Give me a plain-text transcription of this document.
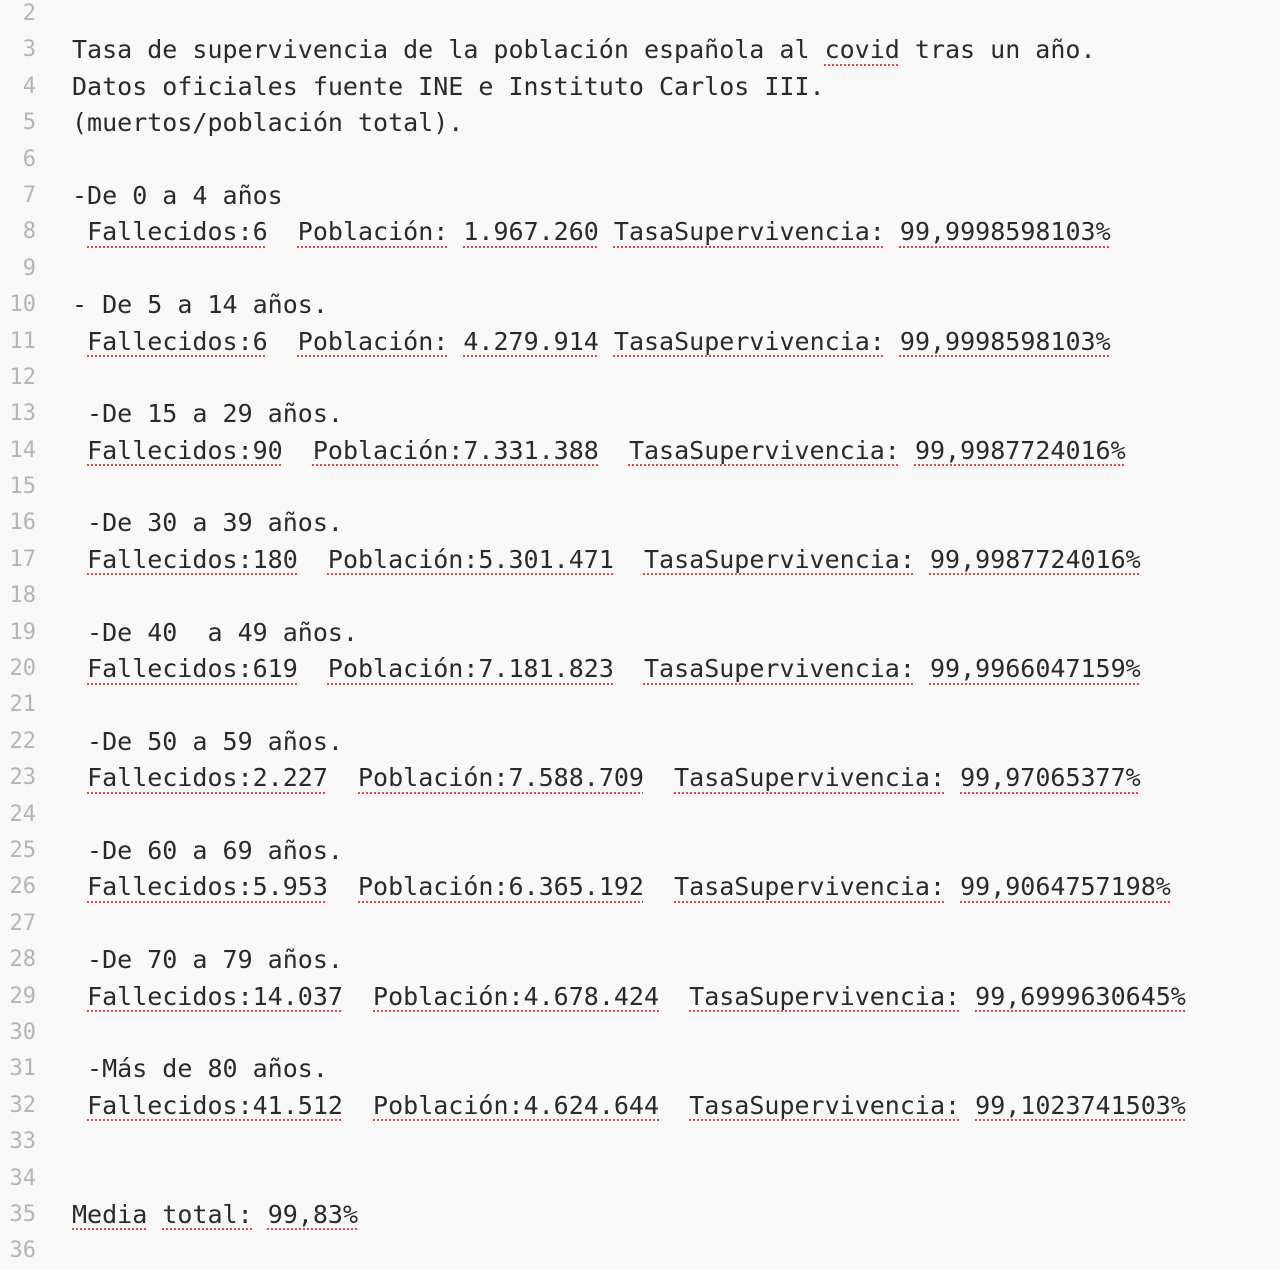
2
3 Tasa de supervivencia de la población española al covid tras un año.
4 Datos oficiales fuente INE e Instituto Carlos III.
5 (muertos/población total).
6
7 -De 0 a 4 años
8	Fallecidos:6 Población: 1.967.260 TasaSupervivencia: 99,9998598103%
9
10 - De 5 a 14 años.
11	Fallecidos:6 Población: 4.279.914 TasaSupervivencia: 99,9998598103%
12
13 -De 15 a 29 años.
14	Fallecidos:90 Población:7.331.388 TasaSupervivencia: 99,9987724016%
15
16 -De 30 a 39 años.
17	Fallecidos:180 Población:5.301.471 TasaSupervivencia: 99,9987724016%
18
19 -De 40  a 49 años.
20	Fallecidos:619 Población:7.181.823 TasaSupervivencia: 99,9966047159%
21
22 -De 50 a 59 años.
23	Fallecidos:2.227 Población:7.588.709 TasaSupervivencia: 99,97065377%
24
25 -De 60 a 69 años.
26	Fallecidos:5.953 Población:6.365.192 TasaSupervivencia: 99,9064757198%
27
28 -De 70 a 79 años.
29	Fallecidos:14.037 Población:4.678.424 TasaSupervivencia: 99,6999630645%
30
31 -Más de 80 años.
32	Fallecidos:41.512 Población:4.624.644 TasaSupervivencia: 99,1023741503%
33
34
35 Media total: 99,83%
36
